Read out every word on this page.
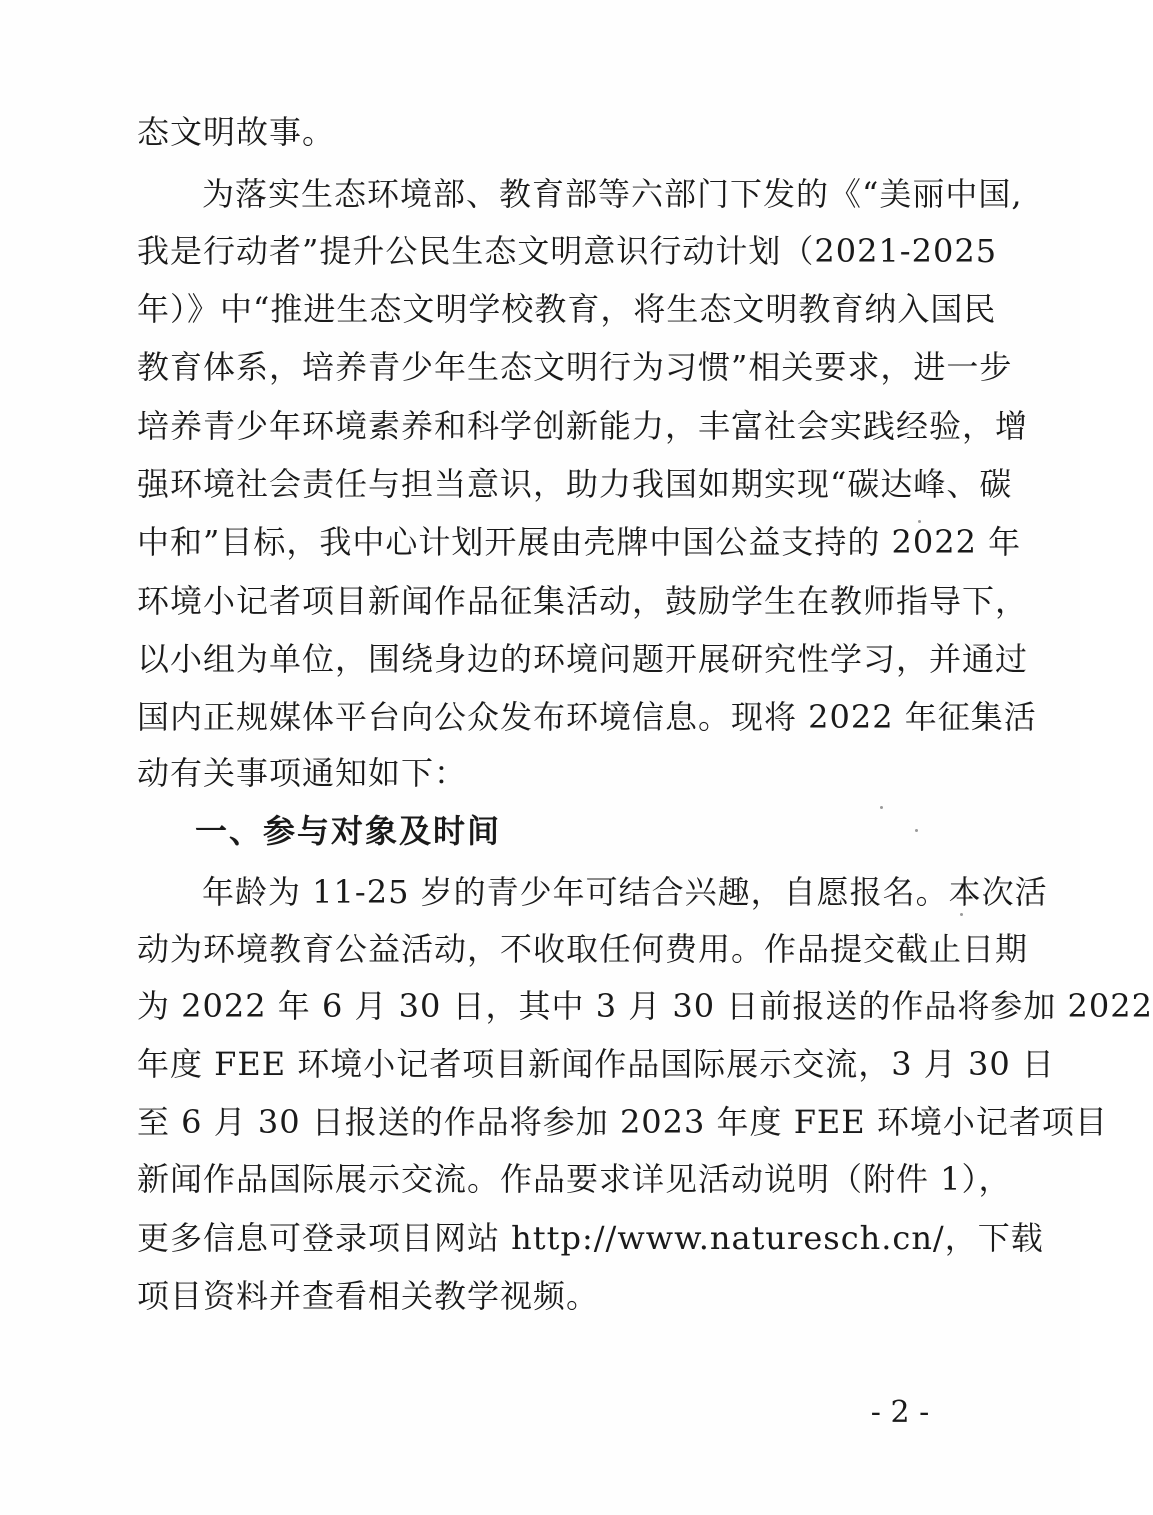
态文明故事。
为落实生态环境部、教育部等六部门下发的《“美丽中国,
我是行动者”提升公民生态文明意识行动计划（2021-2025
年）》中“推进生态文明学校教育，将生态文明教育纳入国民
教育体系，培养青少年生态文明行为习惯”相关要求，进一步
培养青少年环境素养和科学创新能力，丰富社会实践经验，增
强环境社会责任与担当意识，助力我国如期实现“碳达峰、碳
中和”目标，我中心计划开展由壳牌中国公益支持的 2022 年
环境小记者项目新闻作品征集活动，鼓励学生在教师指导下，
以小组为单位，围绕身边的环境问题开展研究性学习，并通过
国内正规媒体平台向公众发布环境信息。现将 2022 年征集活
动有关事项通知如下：
一、参与对象及时间
年龄为 11-25 岁的青少年可结合兴趣，自愿报名。本次活
动为环境教育公益活动，不收取任何费用。作品提交截止日期
为 2022 年 6 月 30 日，其中 3 月 30 日前报送的作品将参加 2022
年度 FEE 环境小记者项目新闻作品国际展示交流，3 月 30 日
至 6 月 30 日报送的作品将参加 2023 年度 FEE 环境小记者项目
新闻作品国际展示交流。作品要求详见活动说明（附件 1），
更多信息可登录项目网站 http://www.naturesch.cn/，下载
项目资料并查看相关教学视频。
- 2 -
